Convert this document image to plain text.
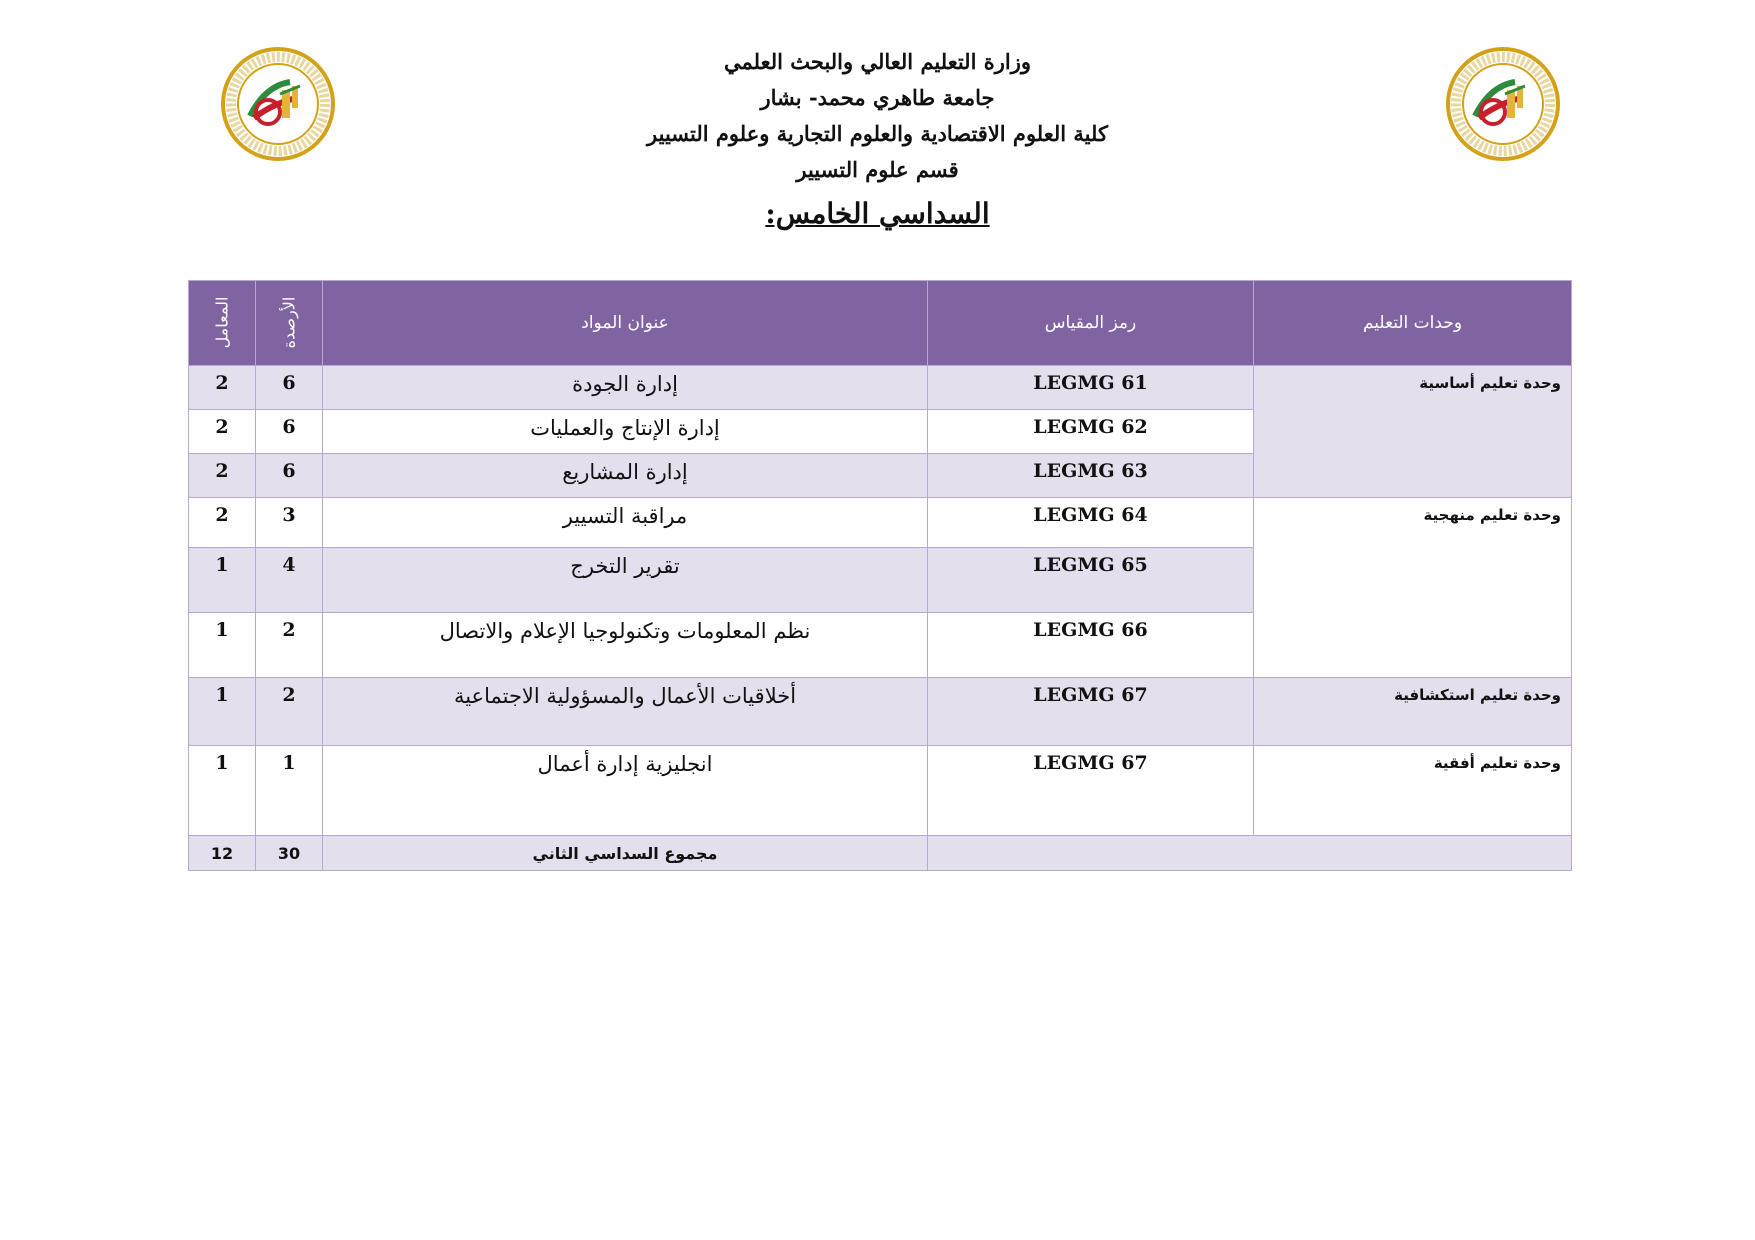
وزارة التعليم العالي والبحث العلمي
جامعة طاهري محمد- بشار
كلية العلوم الاقتصادية والعلوم التجارية وعلوم التسيير
قسم علوم التسيير
السداسي الخامس:
وحدات التعليم	رمز المقياس	عنوان المواد	الأرصدة	المعامل
وحدة تعليم أساسية	LEGMG 61	إدارة الجودة	6	2
	LEGMG 62	إدارة الإنتاج والعمليات	6	2
	LEGMG 63	إدارة المشاريع	6	2
وحدة تعليم منهجية	LEGMG 64	مراقبة التسيير	3	2
	LEGMG 65	تقرير التخرج	4	1
	LEGMG 66	نظم المعلومات وتكنولوجيا الإعلام والاتصال	2	1
وحدة تعليم استكشافية	LEGMG 67	أخلاقيات الأعمال والمسؤولية الاجتماعية	2	1
وحدة تعليم أفقية	LEGMG 67	انجليزية إدارة أعمال	1	1
		مجموع السداسي الثاني	30	12
